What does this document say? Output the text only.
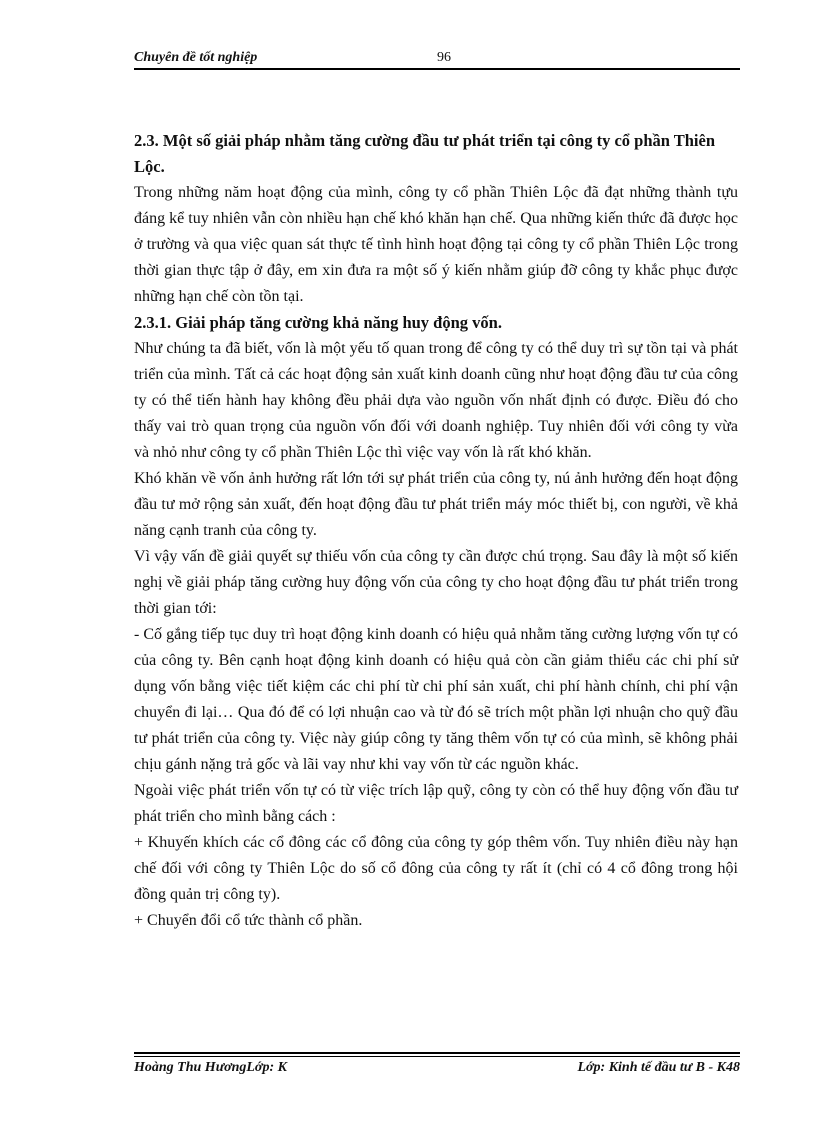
Chuyên đề tốt nghiệp	96

2.3. Một số giải pháp nhằm tăng cường đầu tư phát triển tại công ty cổ phần Thiên Lộc.

Trong những năm hoạt động của mình, công ty cổ phần Thiên Lộc đã đạt những thành tựu đáng kể tuy nhiên vẫn còn nhiều hạn chế khó khăn hạn chế. Qua những kiến thức đã được học ở trường và qua việc quan sát thực tế tình hình hoạt động tại công ty cổ phần Thiên Lộc trong thời gian thực tập ở đây, em xin đưa ra một số ý kiến nhằm giúp đỡ công ty khắc phục được những hạn chế còn tồn tại.

2.3.1. Giải pháp tăng cường khả năng huy động vốn.

Như chúng ta đã biết, vốn là một yếu tố quan trong để công ty có thể duy trì sự tồn tại và phát triển của mình. Tất cả các hoạt động sản xuất kinh doanh cũng như hoạt động đầu tư của công ty có thể tiến hành hay không đều phải dựa vào nguồn vốn nhất định có được. Điều đó cho thấy vai trò quan trọng của nguồn vốn đối với doanh nghiệp. Tuy nhiên đối với công ty vừa và nhỏ như công ty cổ phần Thiên Lộc thì việc vay vốn là rất khó khăn.

Khó khăn về vốn ảnh hưởng rất lớn tới sự phát triển của công ty, nú ảnh hưởng đến hoạt động đầu tư mở rộng sản xuất, đến hoạt động đầu tư phát triển máy móc thiết bị, con người, về khả năng cạnh tranh của công ty.

Vì vậy vấn đề giải quyết sự thiếu vốn của công ty cần được chú trọng. Sau đây là một số kiến nghị về giải pháp tăng cường huy động vốn của công ty cho hoạt động đầu tư phát triển trong thời gian tới:

- Cố gắng tiếp tục duy trì hoạt động kinh doanh có hiệu quả nhằm tăng cường lượng vốn tự có của công ty. Bên cạnh hoạt động kinh doanh có hiệu quả còn cần giảm thiểu các chi phí sử dụng vốn bằng việc tiết kiệm các chi phí từ chi phí sản xuất, chi phí hành chính, chi phí vận chuyển đi lại… Qua đó để có lợi nhuận cao và từ đó sẽ trích một phần lợi nhuận cho quỹ đầu tư phát triển của công ty. Việc này giúp công ty tăng thêm vốn tự có của mình, sẽ không phải chịu gánh nặng trả gốc và lãi vay như khi vay vốn từ các nguồn khác.

Ngoài việc phát triển vốn tự có từ việc trích lập quỹ, công ty còn có thể huy động vốn đầu tư phát triển cho mình bằng cách :

+ Khuyến khích các cổ đông các cổ đông của công ty góp thêm vốn. Tuy nhiên điều này hạn chế đối với công ty Thiên Lộc do số cổ đông của công ty rất ít (chỉ có 4 cổ đông trong hội đồng quản trị công ty).

+ Chuyển đổi cổ tức thành cổ phần.

Hoàng Thu HươngLớp: K	Lớp: Kinh tế đầu tư B - K48
